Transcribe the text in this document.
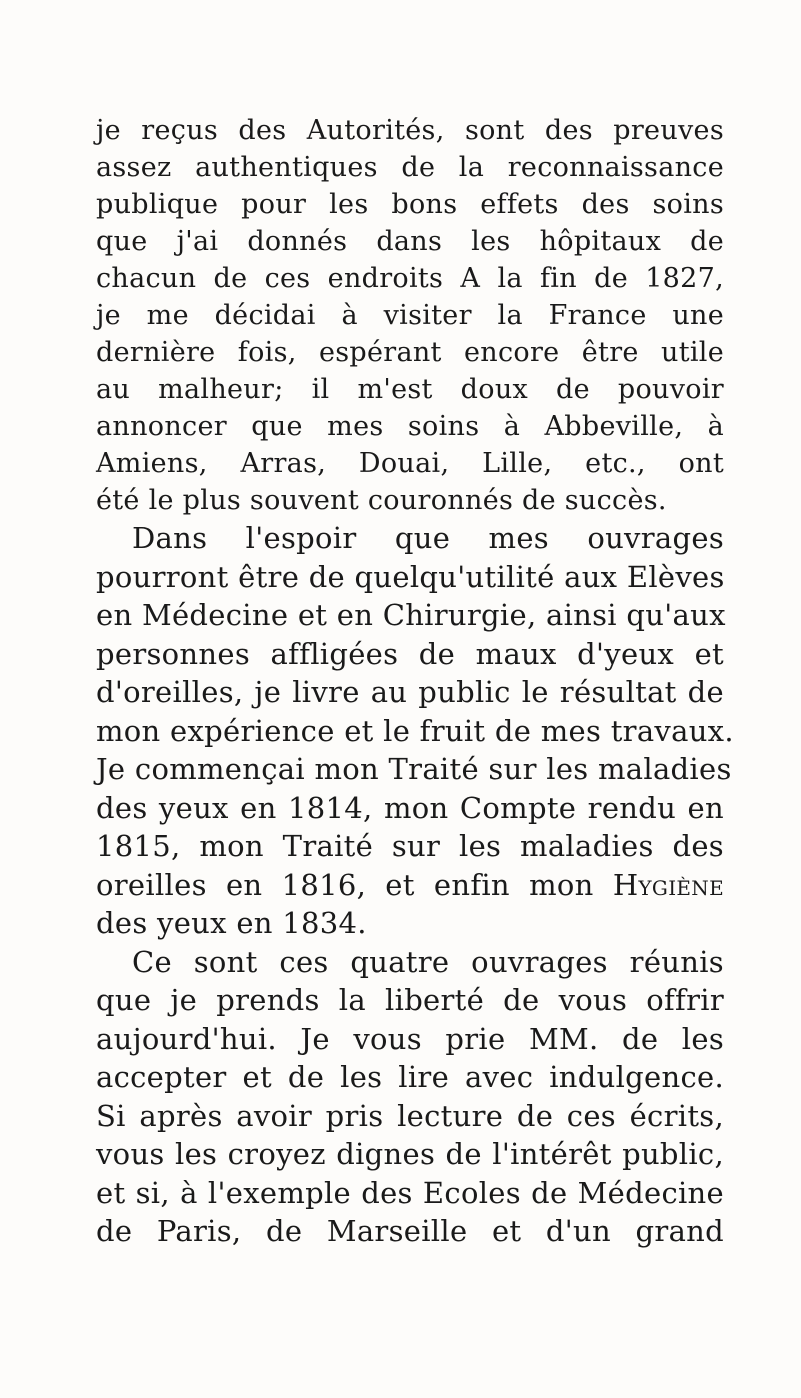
je reçus des Autorités, sont des preuves
assez authentiques de la reconnaissance
publique pour les bons effets des soins
que j'ai donnés dans les hôpitaux de
chacun de ces endroits A la fin de 1827,
je me décidai à visiter la France une
dernière fois, espérant encore être utile
au malheur; il m'est doux de pouvoir
annoncer que mes soins à Abbeville, à
Amiens, Arras, Douai, Lille, etc., ont
été le plus souvent couronnés de succès.
Dans l'espoir que mes ouvrages
pourront être de quelqu'utilité aux Elèves
en Médecine et en Chirurgie, ainsi qu'aux
personnes affligées de maux d'yeux et
d'oreilles, je livre au public le résultat de
mon expérience et le fruit de mes travaux.
Je commençai mon Traité sur les maladies
des yeux en 1814, mon Compte rendu en
1815, mon Traité sur les maladies des
oreilles en 1816, et enfin mon Hygiène
des yeux en 1834.
Ce sont ces quatre ouvrages réunis
que je prends la liberté de vous offrir
aujourd'hui. Je vous prie MM. de les
accepter et de les lire avec indulgence.
Si après avoir pris lecture de ces écrits,
vous les croyez dignes de l'intérêt public,
et si, à l'exemple des Ecoles de Médecine
de Paris, de Marseille et d'un grand
